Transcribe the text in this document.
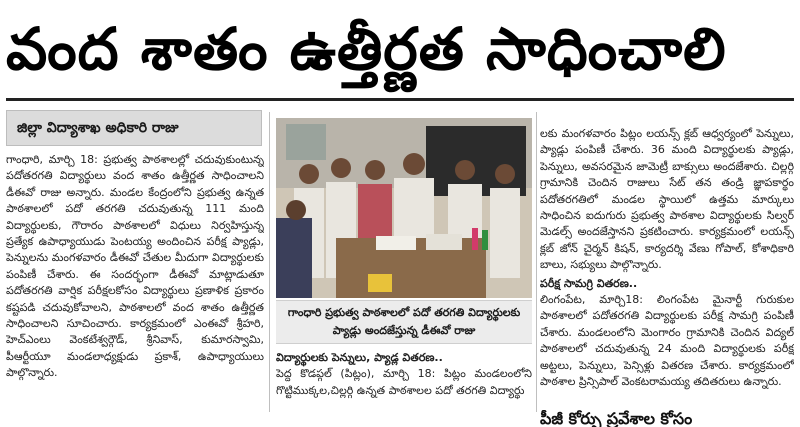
వంద శాతం ఉత్తీర్ణత సాధించాలి
జిల్లా విద్యాశాఖ అధికారి రాజు

గాంధారి, మార్చి 18: ప్రభుత్వ పాఠశాలల్లో చదువుకుంటున్న పదోతరగతి విద్యార్థులు వంద శాతం ఉత్తీర్ణత సాధించాలని డీఈవో రాజు అన్నారు. మండల కేంద్రంలోని ప్రభుత్వ ఉన్నత పాఠశాలలో పదో తరగతి చదువుతున్న 111 మంది విద్యార్థులకు, గౌరారం పాఠశాలలో విధులు నిర్వహిస్తున్న ప్రత్యేక ఉపాధ్యాయుడు పెంటయ్య అందించిన పరీక్ష ప్యాడ్లు, పెన్నులను మంగళవారం డీఈవో చేతుల మీదుగా విద్యార్థులకు పంపిణీ చేశారు. ఈ సందర్భంగా డీఈవో మాట్లాడుతూ పదోతరగతి వార్షిక పరీక్షలకోసం విద్యార్థులు ప్రణాళిక ప్రకారం కష్టపడి చదువుకోవాలని, పాఠశాలలో వంద శాతం ఉత్తీర్ణత సాధించాలని సూచించారు. కార్యక్రమంలో ఎంఈవో శ్రీహరి, హెచ్ఎంలు వెంకటేశ్వర్గౌడ్, శ్రీనివాస్, కుమారస్వామి, పీఆర్టీయూ మండలాధ్యక్షుడు ప్రకాశ్, ఉపాధ్యాయులు పాల్గొన్నారు.

గాంధారి ప్రభుత్వ పాఠశాలలో పదో తరగతి విద్యార్థులకు ప్యాడ్లు అందజేస్తున్న డీఈవో రాజు

విద్యార్థులకు పెన్నులు, ప్యాడ్ల వితరణ..

పెద్ద కొడప్గల్ (పిట్లం), మార్చి 18: పిట్లం మండలంలోని గొట్టిముక్కల,చిల్లర్గి ఉన్నత పాఠశాలల పదో తరగతి విద్యార్థు

లకు మంగళవారం పిట్లం లయన్స్ క్లబ్ ఆధ్వర్యంలో పెన్నులు, ప్యాడ్లు పంపిణీ చేశారు. 36 మంది విద్యార్థులకు ప్యాడ్లు, పెన్నులు, అవసరమైన జామెట్రీ బాక్సులు అందజేశారు. చిల్లర్గి గ్రామానికి చెందిన రాజులు సేట్ తన తండ్రి జ్ఞాపకార్థం పదోతరగతిలో మండల స్థాయిలో ఉత్తమ మార్కులు సాధించిన ఐదుగురు ప్రభుత్వ పాఠశాల విద్యార్థులకు సిల్వర్ మెడల్స్ అందజేస్తానని ప్రకటించారు. కార్యక్రమంలో లయన్స్ క్లబ్ జోన్ చైర్మన్ కిషన్, కార్యదర్శి వేణు గోపాల్, కోశాధికారి బాలు, సభ్యులు పాల్గొన్నారు.

పరీక్ష సామగ్రి వితరణ..

లింగంపేట, మార్చి18: లింగంపేట మైనార్టీ గురుకుల పాఠశాలలో పదోతరగతి విద్యార్థులకు పరీక్ష సామగ్రి పంపిణీ చేశారు. మండలంలోని మెంగారం గ్రామానికి చెందిన విద్యల్ పాఠశాలలో చదువుతున్న 24 మంది విద్యార్థులకు పరీక్ష అట్టలు, పెన్నులు, పెన్సిళ్లు వితరణ చేశారు. కార్యక్రమంలో పాఠశాల ప్రిన్సిపాల్ వెంకటరామయ్య తదితరులు ఉన్నారు.

పీజీ కోర్సు ప్రవేశాల కోసం
